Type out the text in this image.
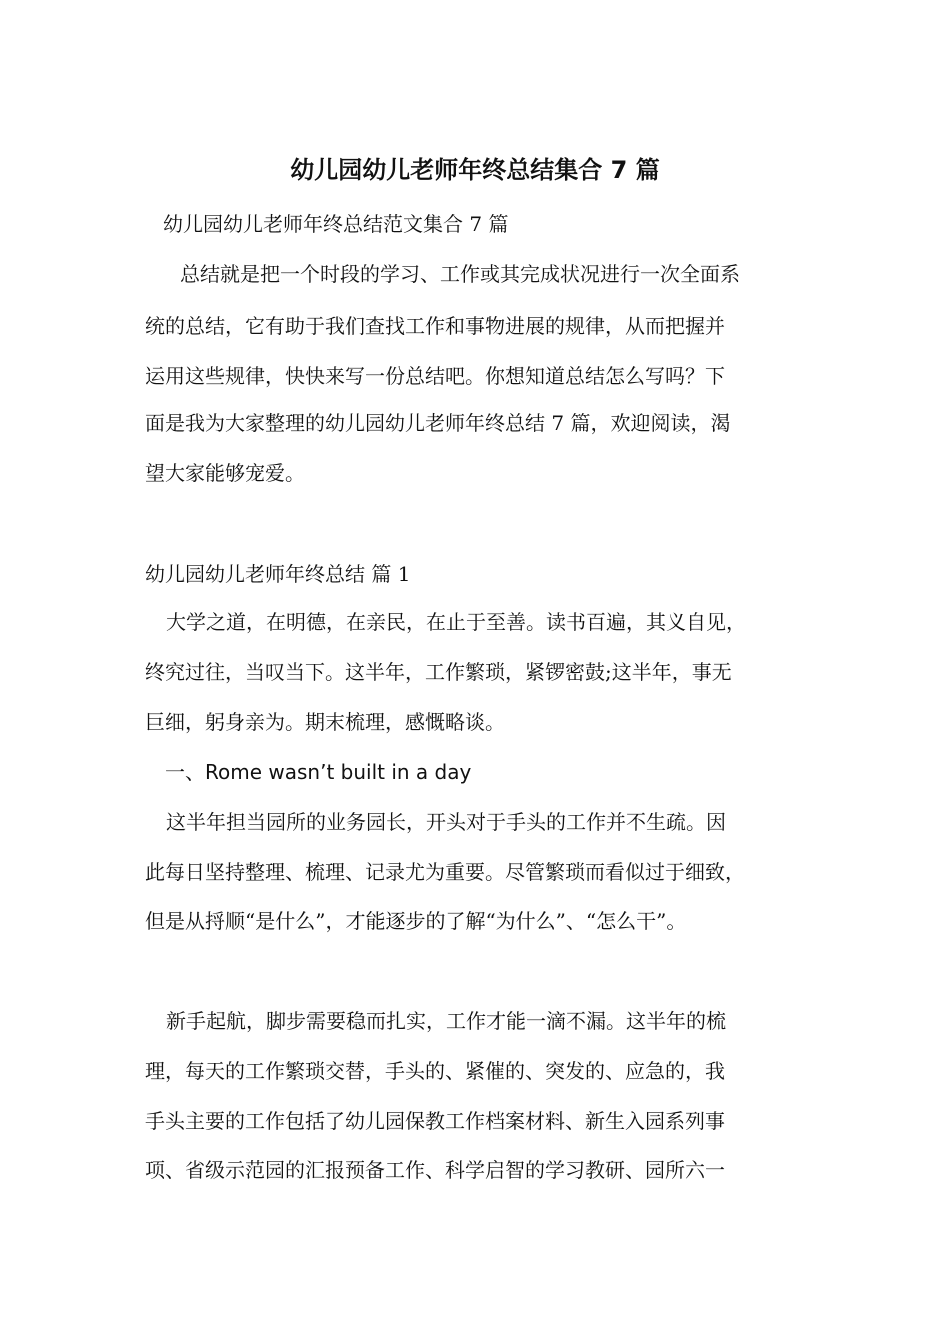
幼儿园幼儿老师年终总结集合 7 篇

幼儿园幼儿老师年终总结范文集合 7 篇

总结就是把一个时段的学习、工作或其完成状况进行一次全面系

统的总结，它有助于我们查找工作和事物进展的规律，从而把握并

运用这些规律，快快来写一份总结吧。你想知道总结怎么写吗？下

面是我为大家整理的幼儿园幼儿老师年终总结 7 篇，欢迎阅读，渴

望大家能够宠爱。

幼儿园幼儿老师年终总结 篇 1

大学之道，在明德，在亲民，在止于至善。读书百遍，其义自见，

终究过往，当叹当下。这半年，工作繁琐，紧锣密鼓;这半年，事无

巨细，躬身亲为。期末梳理，感慨略谈。

一、Rome wasn’t built in a day

这半年担当园所的业务园长，开头对于手头的工作并不生疏。因

此每日坚持整理、梳理、记录尤为重要。尽管繁琐而看似过于细致，

但是从捋顺“是什么”，才能逐步的了解“为什么”、“怎么干”。

新手起航，脚步需要稳而扎实，工作才能一滴不漏。这半年的梳

理，每天的工作繁琐交替，手头的、紧催的、突发的、应急的，我

手头主要的工作包括了幼儿园保教工作档案材料、新生入园系列事

项、省级示范园的汇报预备工作、科学启智的学习教研、园所六一
